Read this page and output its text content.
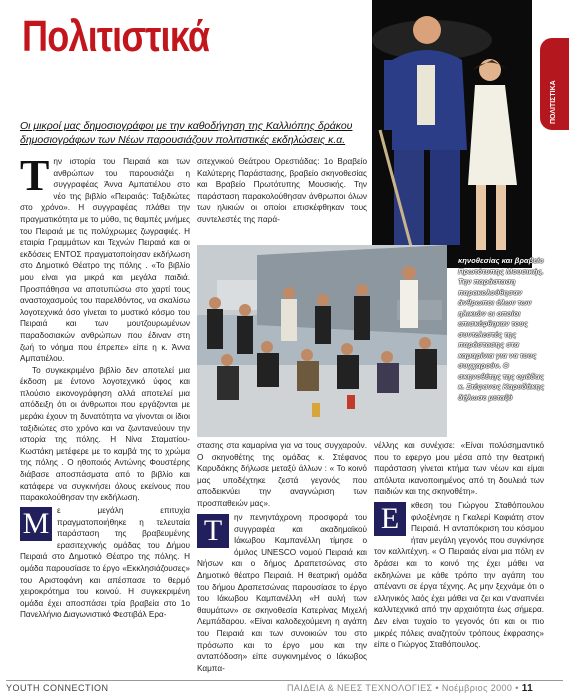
Πολιτιστικά
ΠΟΛΙΤΙΣΤΙΚΑ
Οι μικροί μας δημοσιογράφοι με την καθοδήγηση της Καλλιόπης δράκου δημοσιογράφων των Νέων παρουσιάζουν πολιτιστικές εκδηλώσεις κ.α.
Τ ην ιστορία του Πειραιά και των ανθρώπων του παρουσιάζει η συγγραφέας Άννα Αμπατιέλου στο νέο της βιβλίο «Πειραιάς: Ταξιδιώτες στο χρόνο». Η συγγραφέας πλάθει την πραγματικότητα με το μύθο, τις θαμπές μνήμες του Πειραιά με τις πολύχρωμες ζωγραφιές. Η εταιρία Γραμμάτων και Τεχνών Πειραιά και οι εκδόσεις ΕΝΤΟΣ πραγματοποίησαν εκδήλωση στο Δημοτικό Θέατρο της πόλης . «Το βιβλίο μου είναι για μικρά και μεγάλα παιδιά. Προσπάθησα να αποτυπώσω στο χαρτί τους αναστοχασμούς του παρελθόντος, να σκαλίσω λογοτεχνικά όσο γίνεται το μυστικό κόσμο του Πειραιά και των μουτζουρωμένων παραδοσιακών ανθρώπων που έδιναν στη ζωή το νόημα που έπρεπε» είπε η κ. Άννα Αμπατιέλου.

Το συγκεκριμένο βιβλίο δεν αποτελεί μια έκδοση με έντονο λογοτεχνικό ύφος και πλούσιο εικονογράφηση αλλά αποτελεί μια απόδειξη ότι οι άνθρωποι που εργάζονται με μεράκι έχουν τη δυνατότητα να γίνονται οι ίδιοι ταξιδιώτες στο χρόνο και να ζωντανεύουν την ιστορία της πόλης. Η Νίνα Σταματίου- Κωστάκη μετέφερε με το καμβά της το χρώμα της πόλης . Ο ηθοποιός Αντώνης Φουστέρης διάβασε αποσπάσματα από το βιβλίο και κατάφερε να συγκινήσει όλους εκείνους που παρακολούθησαν την εκδήλωση.

σιτεχνικού Θεάτρου Ορεστιάδας: 1ο Βραβείο Καλύτερης Παράστασης, βραβείο σκηνοθεσίας και Βραβείο Πρωτότυπης Μουσικής. Την παράσταση παρακολούθησαν άνθρωποι όλων των ηλικιών οι οποίοι επισκέφθηκαν τους συντελεστές της παρά-

κηνοθεσίας και βραβείο Πρωτότυπης Μουσικής. Την παράσταση παρακολούθησαν άνθρωποι όλων των ηλικιών οι οποίοι επισκέφθηκαν τους συντελεστές της παράστασης στα καμαρίνια για να τους συγχαρούν. Ο σκηνοθέτης της ομάδας κ. Στέφανος Καρυδάκης δήλωσε μεταξύ
Μ ε μεγάλη επιτυχία πραγματοποιήθηκε η τελευταία παράσταση της βραβευμένης ερασιτεχνικής ομάδας του Δήμου Πειραιά στο Δημοτικό Θέατρο της πόλης. Η ομάδα παρουσίασε το έργο «Εκκλησιάζουσες» του Αριστοφάνη και απέσπασε το θερμό χειροκρότημα του κοινού. Η συγκεκριμένη ομάδα έχει αποσπάσει τρία βραβεία στο 1ο Πανελλήνιο Διαγωνιστικό Φεστιβάλ Ερα-

στασης στα καμαρίνια για να τους συγχαρούν. Ο σκηνοθέτης της ομάδας κ. Στέφανος Καρυδάκης δήλωσε μεταξύ άλλων : « Το κοινό μας υποδέχτηκε ζεστά γεγονός που αποδεικνύει την αναγνώριση των προσπαθειών μας».

νέλλης και συνέχισε: «Είναι πολύσημαντικό που το εφεργο μου μέσα από την θεατρική παράσταση γίνεται κτήμα των νέων και είμαι απόλυτα ικανοποιημένος από τη δουλειά των παιδιών και της σκηνοθέτη».

Τ	ην πενηντάχρονη προσφορά του συγγραφέα και ακαδημαϊκού Ιάκωβου Καμπανέλλη τίμησε ο όμιλος UNESCO νομού Πειραιά και Νήσων και ο δήμος Δραπετσώνας στο Δημοτικό θέατρο Πειραιά. Η θεατρική ομάδα του δήμου Δραπετσώνας παρουσίασε το έργο του Ιάκωβου Καμπανέλλη «Η αυλή των θαυμάτων» σε σκηνοθεσία Κατερίνας Μιχελή Λεμπάδαρου. «Είναι καλοδεχούμενη η αγάπη του Πειραιά και των συνοικιών του στο πρόσωπο και το έργο μου και την ανταπόδοση» είπε συγκινημένος ο Ιάκωβος Καμπα-

Ε	κθεση του Γιώργου Σταθόπουλου φιλοξένησε η Γκαλερί Καφιάτη στον Πειραιά. Η ανταπόκριση του κόσμου ήταν μεγάλη γεγονός που συγκίνησε τον καλλιτέχνη. « Ο Πειραιάς είναι μια πόλη εν δράσει και το κοινό της έχει μάθει να εκδηλώνει με κάθε τρόπο την αγάπη του απέναντι σε έργα τέχνης. Ας μην ξεχνάμε ότι ο ελληνικός λαός έχει μάθει να ζει και ν'αναπνέει καλλιτεχνικά από την αρχαιότητα έως σήμερα. Δεν είναι τυχαίο το γεγονός ότι και οι πιο μικρές πόλεις αναζητούν τρόπους έκφρασης» είπε ο Γιώργος Σταθόπουλος.

YOUTH CONNECTION	ΠΑΙΔΕΙΑ & ΝΕΕΣ ΤΕΧΝΟΛΟΓΙΕΣ • Νοέμβριος 2000 • 11
